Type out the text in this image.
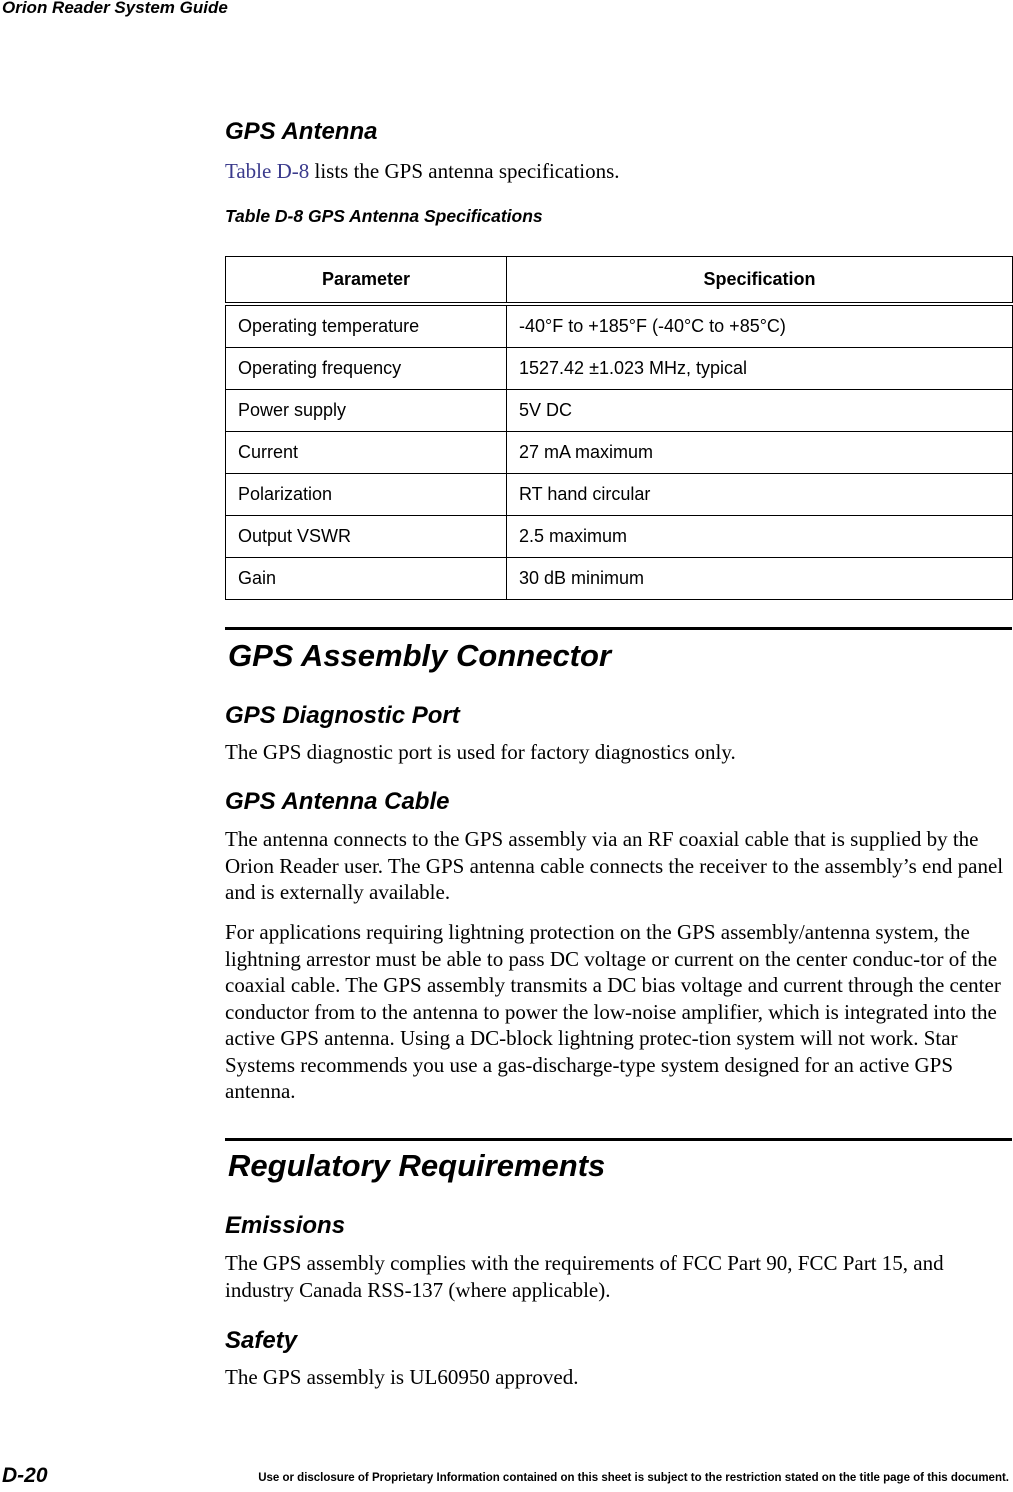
Orion Reader System Guide
GPS Antenna

Table D-8 lists the GPS antenna specifications.

Table D-8 GPS Antenna Specifications
Parameter	Specification
Operating temperature	-40°F to +185°F (-40°C to +85°C)
Operating frequency	1527.42 ±1.023 MHz, typical
Power supply	5V DC
Current	27 mA maximum
Polarization	RT hand circular
Output VSWR	2.5 maximum
Gain	30 dB minimum
GPS Assembly Connector
GPS Diagnostic Port

The GPS diagnostic port is used for factory diagnostics only.

GPS Antenna Cable

The antenna connects to the GPS assembly via an RF coaxial cable that is supplied by the Orion Reader user. The GPS antenna cable connects the receiver to the assembly’s end panel and is externally available.

For applications requiring lightning protection on the GPS assembly/antenna system, the lightning arrestor must be able to pass DC voltage or current on the center conduc-tor of the coaxial cable. The GPS assembly transmits a DC bias voltage and current through the center conductor from to the antenna to power the low-noise amplifier, which is integrated into the active GPS antenna. Using a DC-block lightning protec-tion system will not work. Star Systems recommends you use a gas-discharge-type system designed for an active GPS antenna.

Regulatory Requirements
Emissions

The GPS assembly complies with the requirements of FCC Part 90, FCC Part 15, and industry Canada RSS-137 (where applicable).

Safety

The GPS assembly is UL60950 approved.

D-20	Use or disclosure of Proprietary Information contained on this sheet is subject to the restriction stated on the title page of this document.
